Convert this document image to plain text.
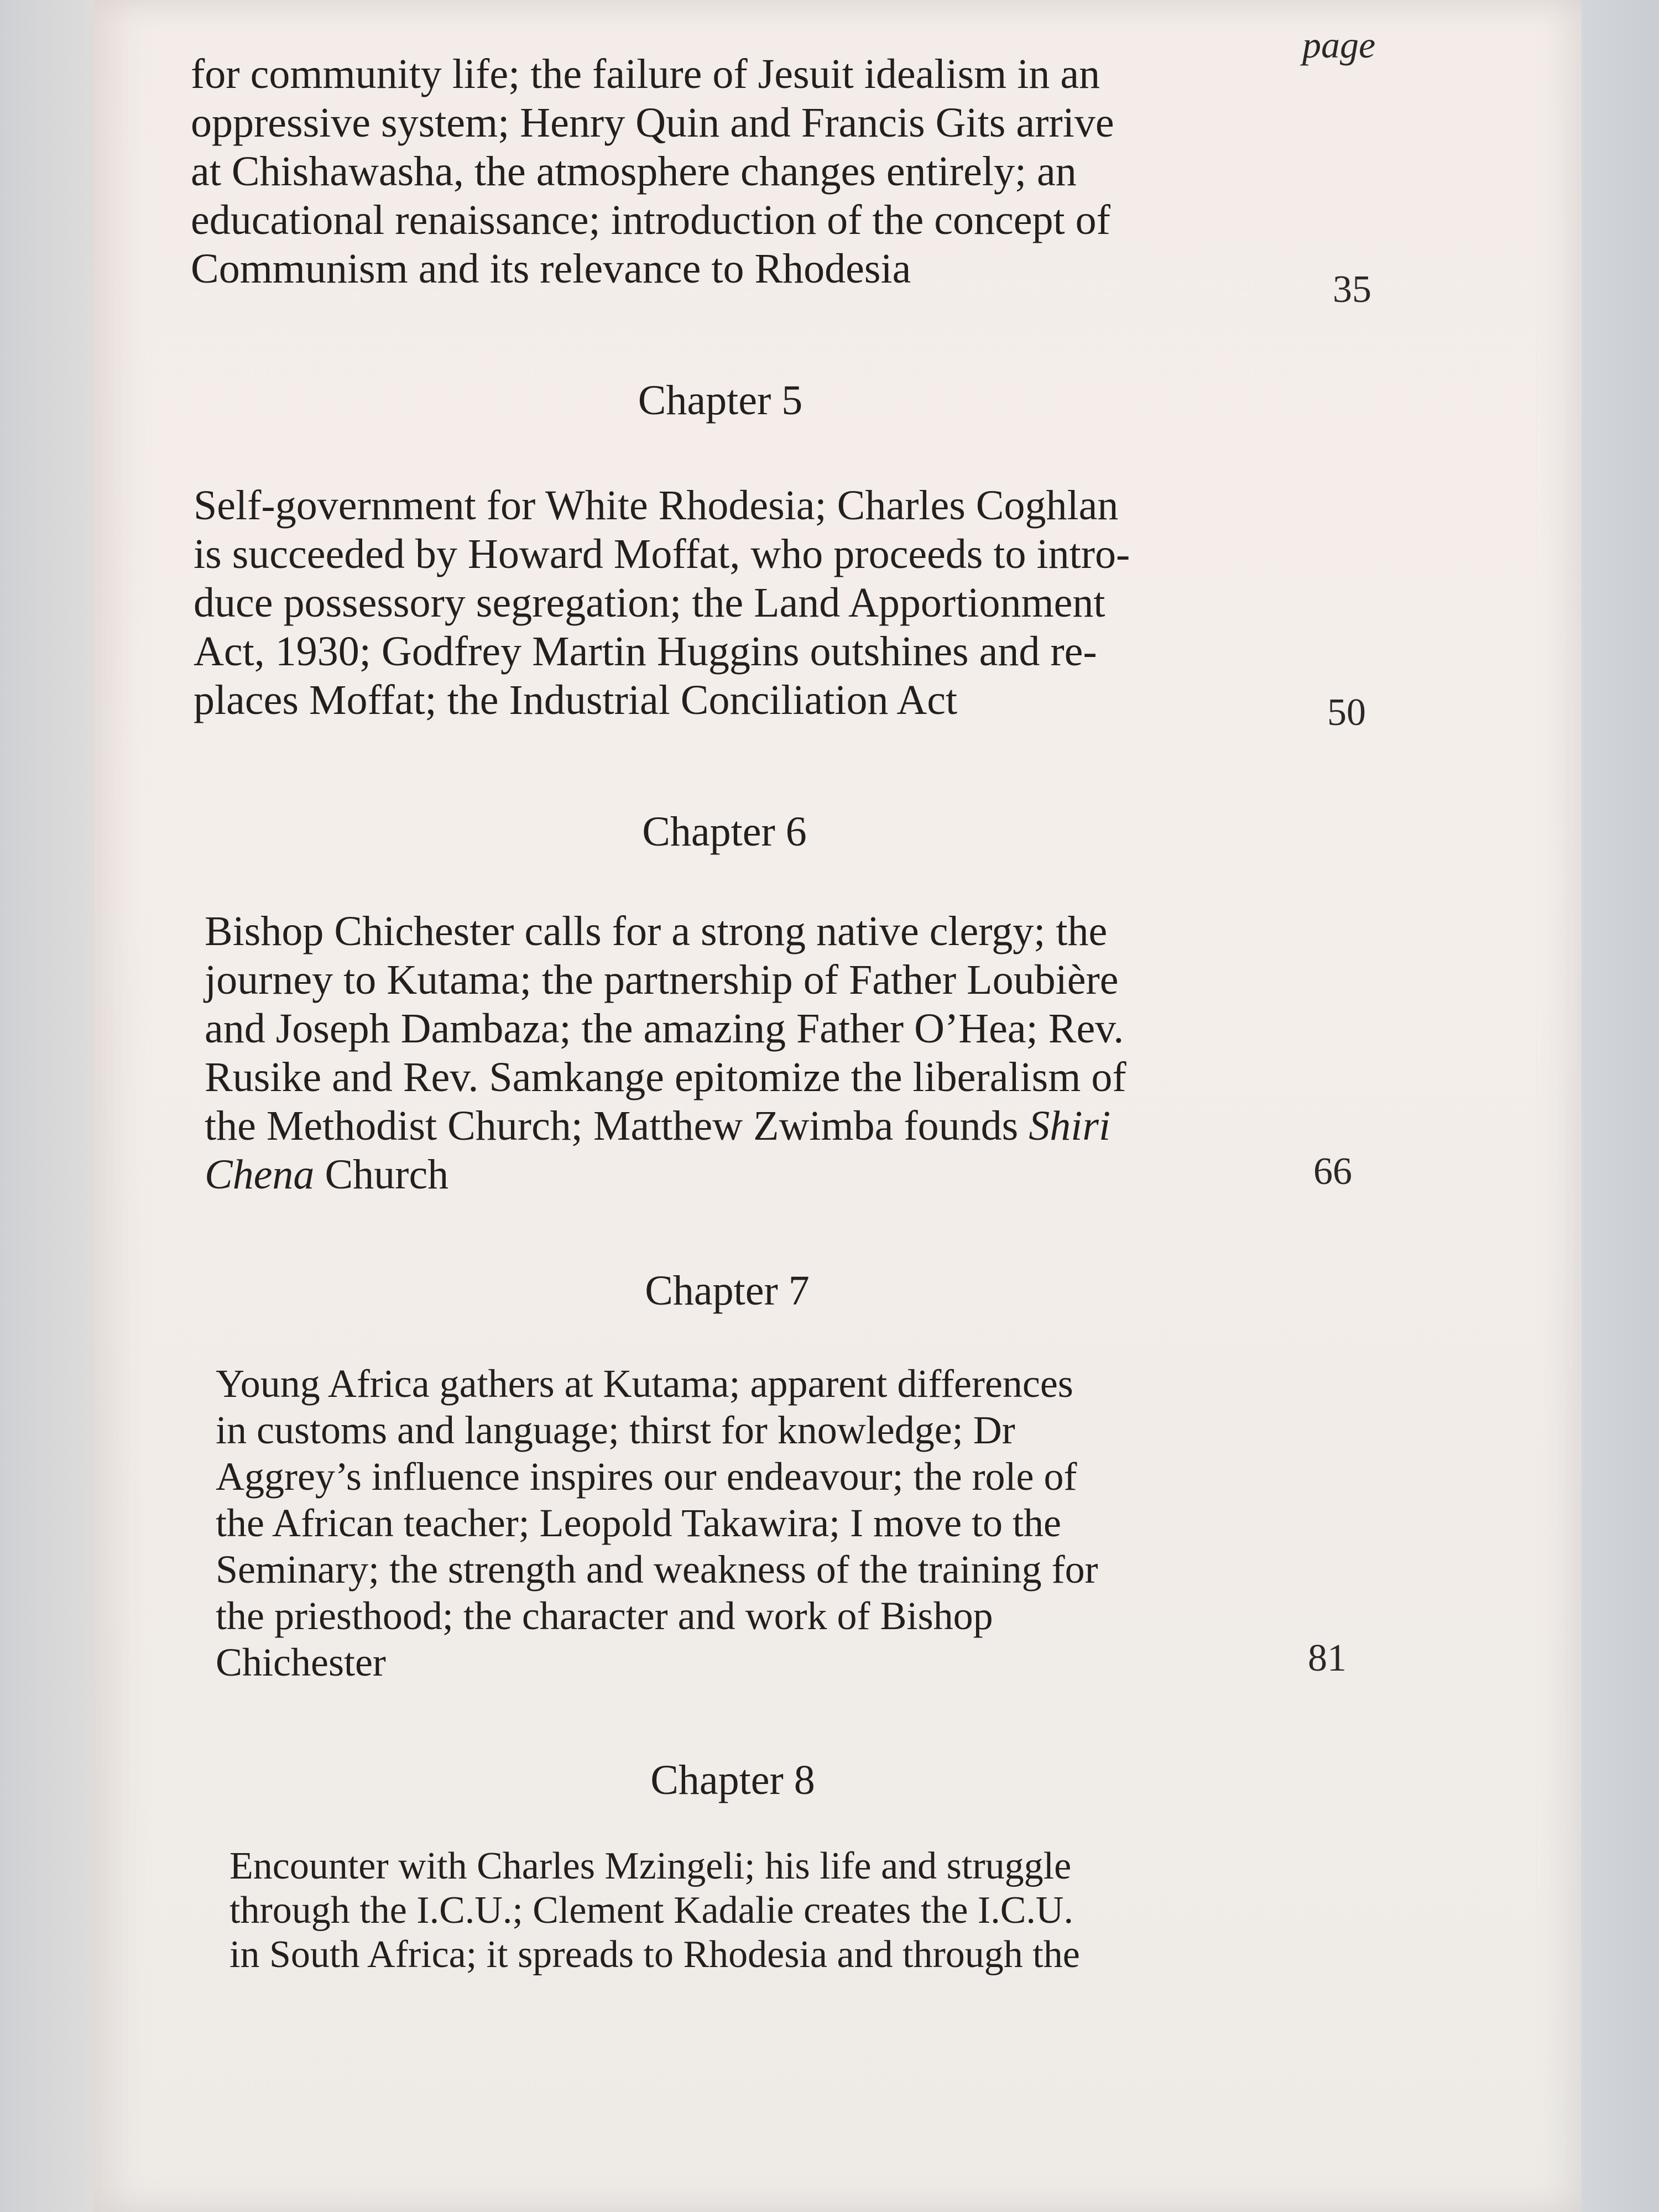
page
for community life; the failure of Jesuit idealism in an
oppressive system; Henry Quin and Francis Gits arrive
at Chishawasha, the atmosphere changes entirely; an
educational renaissance; introduction of the concept of
Communism and its relevance to Rhodesia	35
Chapter 5
Self-government for White Rhodesia; Charles Coghlan
is succeeded by Howard Moffat, who proceeds to intro-
duce possessory segregation; the Land Apportionment
Act, 1930; Godfrey Martin Huggins outshines and re-
places Moffat; the Industrial Conciliation Act	50
Chapter 6
Bishop Chichester calls for a strong native clergy; the
journey to Kutama; the partnership of Father Loubière
and Joseph Dambaza; the amazing Father O’Hea; Rev.
Rusike and Rev. Samkange epitomize the liberalism of
the Methodist Church; Matthew Zwimba founds Shiri
Chena Church	66
Chapter 7
Young Africa gathers at Kutama; apparent differences
in customs and language; thirst for knowledge; Dr
Aggrey’s influence inspires our endeavour; the role of
the African teacher; Leopold Takawira; I move to the
Seminary; the strength and weakness of the training for
the priesthood; the character and work of Bishop
Chichester	81
Chapter 8
Encounter with Charles Mzingeli; his life and struggle
through the I.C.U.; Clement Kadalie creates the I.C.U.
in South Africa; it spreads to Rhodesia and through the
